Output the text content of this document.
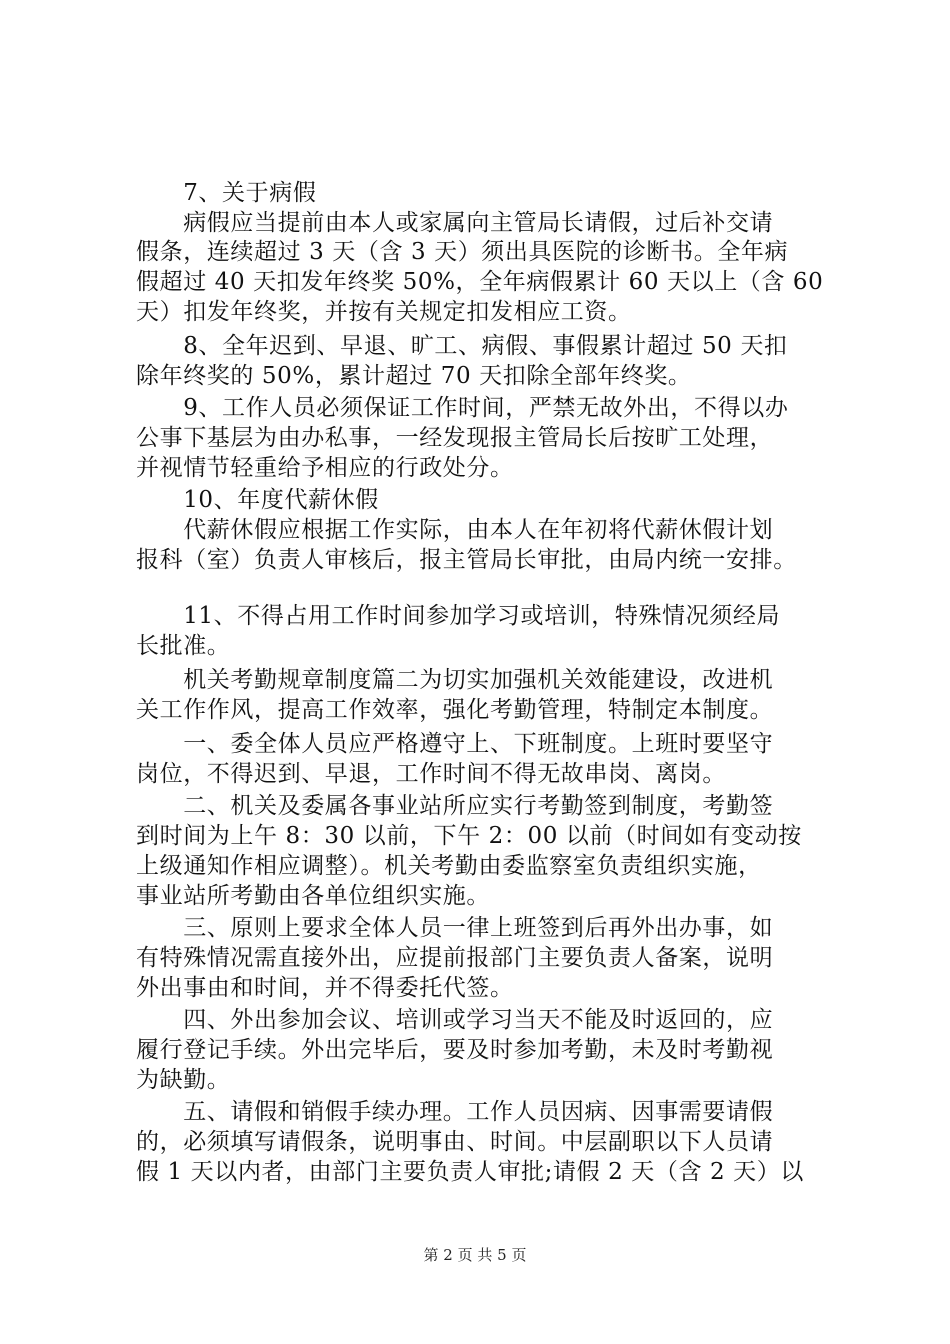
　　7、关于病假
　　病假应当提前由本人或家属向主管局长请假，过后补交请
假条，连续超过 3 天（含 3 天）须出具医院的诊断书。全年病
假超过 40 天扣发年终奖 50%，全年病假累计 60 天以上（含 60
天）扣发年终奖，并按有关规定扣发相应工资。
　　8、全年迟到、早退、旷工、病假、事假累计超过 50 天扣
除年终奖的 50%，累计超过 70 天扣除全部年终奖。
　　9、工作人员必须保证工作时间，严禁无故外出，不得以办
公事下基层为由办私事，一经发现报主管局长后按旷工处理，
并视情节轻重给予相应的行政处分。
　　10、年度代薪休假
　　代薪休假应根据工作实际，由本人在年初将代薪休假计划
报科（室）负责人审核后，报主管局长审批，由局内统一安排。
　　11、不得占用工作时间参加学习或培训，特殊情况须经局
长批准。
　　机关考勤规章制度篇二为切实加强机关效能建设，改进机
关工作作风，提高工作效率，强化考勤管理，特制定本制度。
　　一、委全体人员应严格遵守上、下班制度。上班时要坚守
岗位，不得迟到、早退，工作时间不得无故串岗、离岗。
　　二、机关及委属各事业站所应实行考勤签到制度，考勤签
到时间为上午 8：30 以前，下午 2：00 以前（时间如有变动按
上级通知作相应调整）。机关考勤由委监察室负责组织实施，
事业站所考勤由各单位组织实施。
　　三、原则上要求全体人员一律上班签到后再外出办事，如
有特殊情况需直接外出，应提前报部门主要负责人备案，说明
外出事由和时间，并不得委托代签。
　　四、外出参加会议、培训或学习当天不能及时返回的，应
履行登记手续。外出完毕后，要及时参加考勤，未及时考勤视
为缺勤。
　　五、请假和销假手续办理。工作人员因病、因事需要请假
的，必须填写请假条，说明事由、时间。中层副职以下人员请
假 1 天以内者，由部门主要负责人审批;请假 2 天（含 2 天）以
第 2 页 共 5 页
